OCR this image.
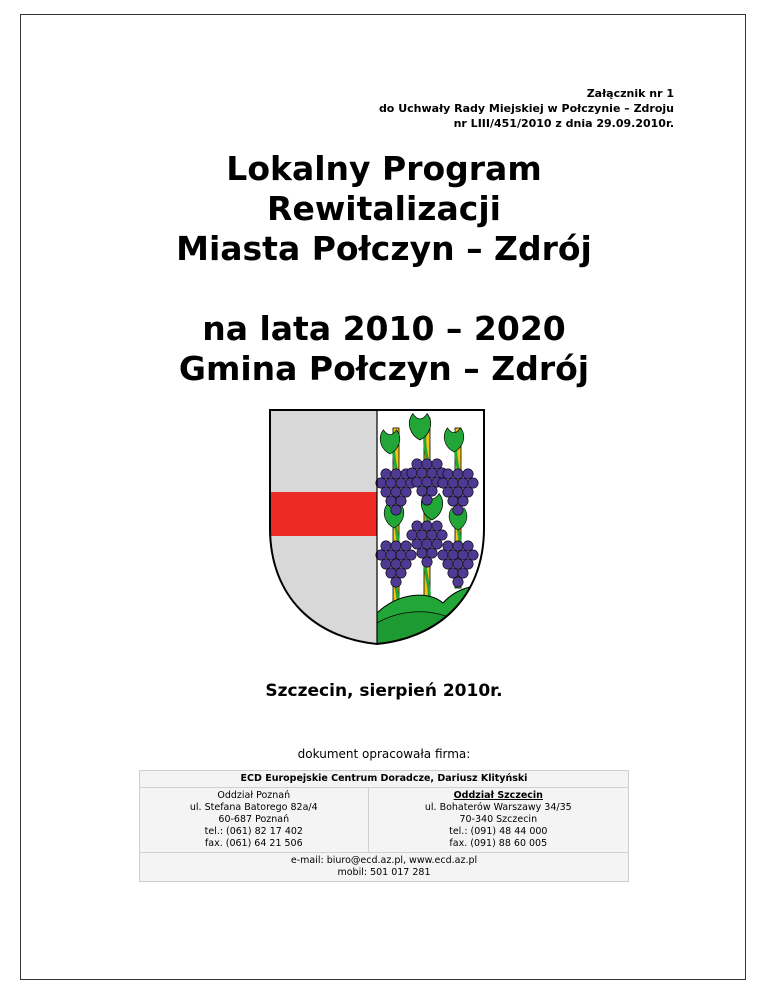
Załącznik nr 1
do Uchwały Rady Miejskiej w Połczynie – Zdroju
nr LIII/451/2010 z dnia 29.09.2010r.
Lokalny Program
Rewitalizacji
Miasta Połczyn – Zdrój
na lata 2010 – 2020
Gmina Połczyn – Zdrój
Szczecin, sierpień 2010r.
dokument opracowała firma:
ECD Europejskie Centrum Doradcze, Dariusz Klityński

Oddział Poznań
ul. Stefana Batorego 82a/4
60-687 Poznań
tel.: (061) 82 17 402
fax. (061) 64 21 506

Oddział Szczecin
ul. Bohaterów Warszawy 34/35
70-340 Szczecin
tel.: (091) 48 44 000
fax. (091) 88 60 005

e-mail: biuro@ecd.az.pl, www.ecd.az.pl
mobil: 501 017 281
